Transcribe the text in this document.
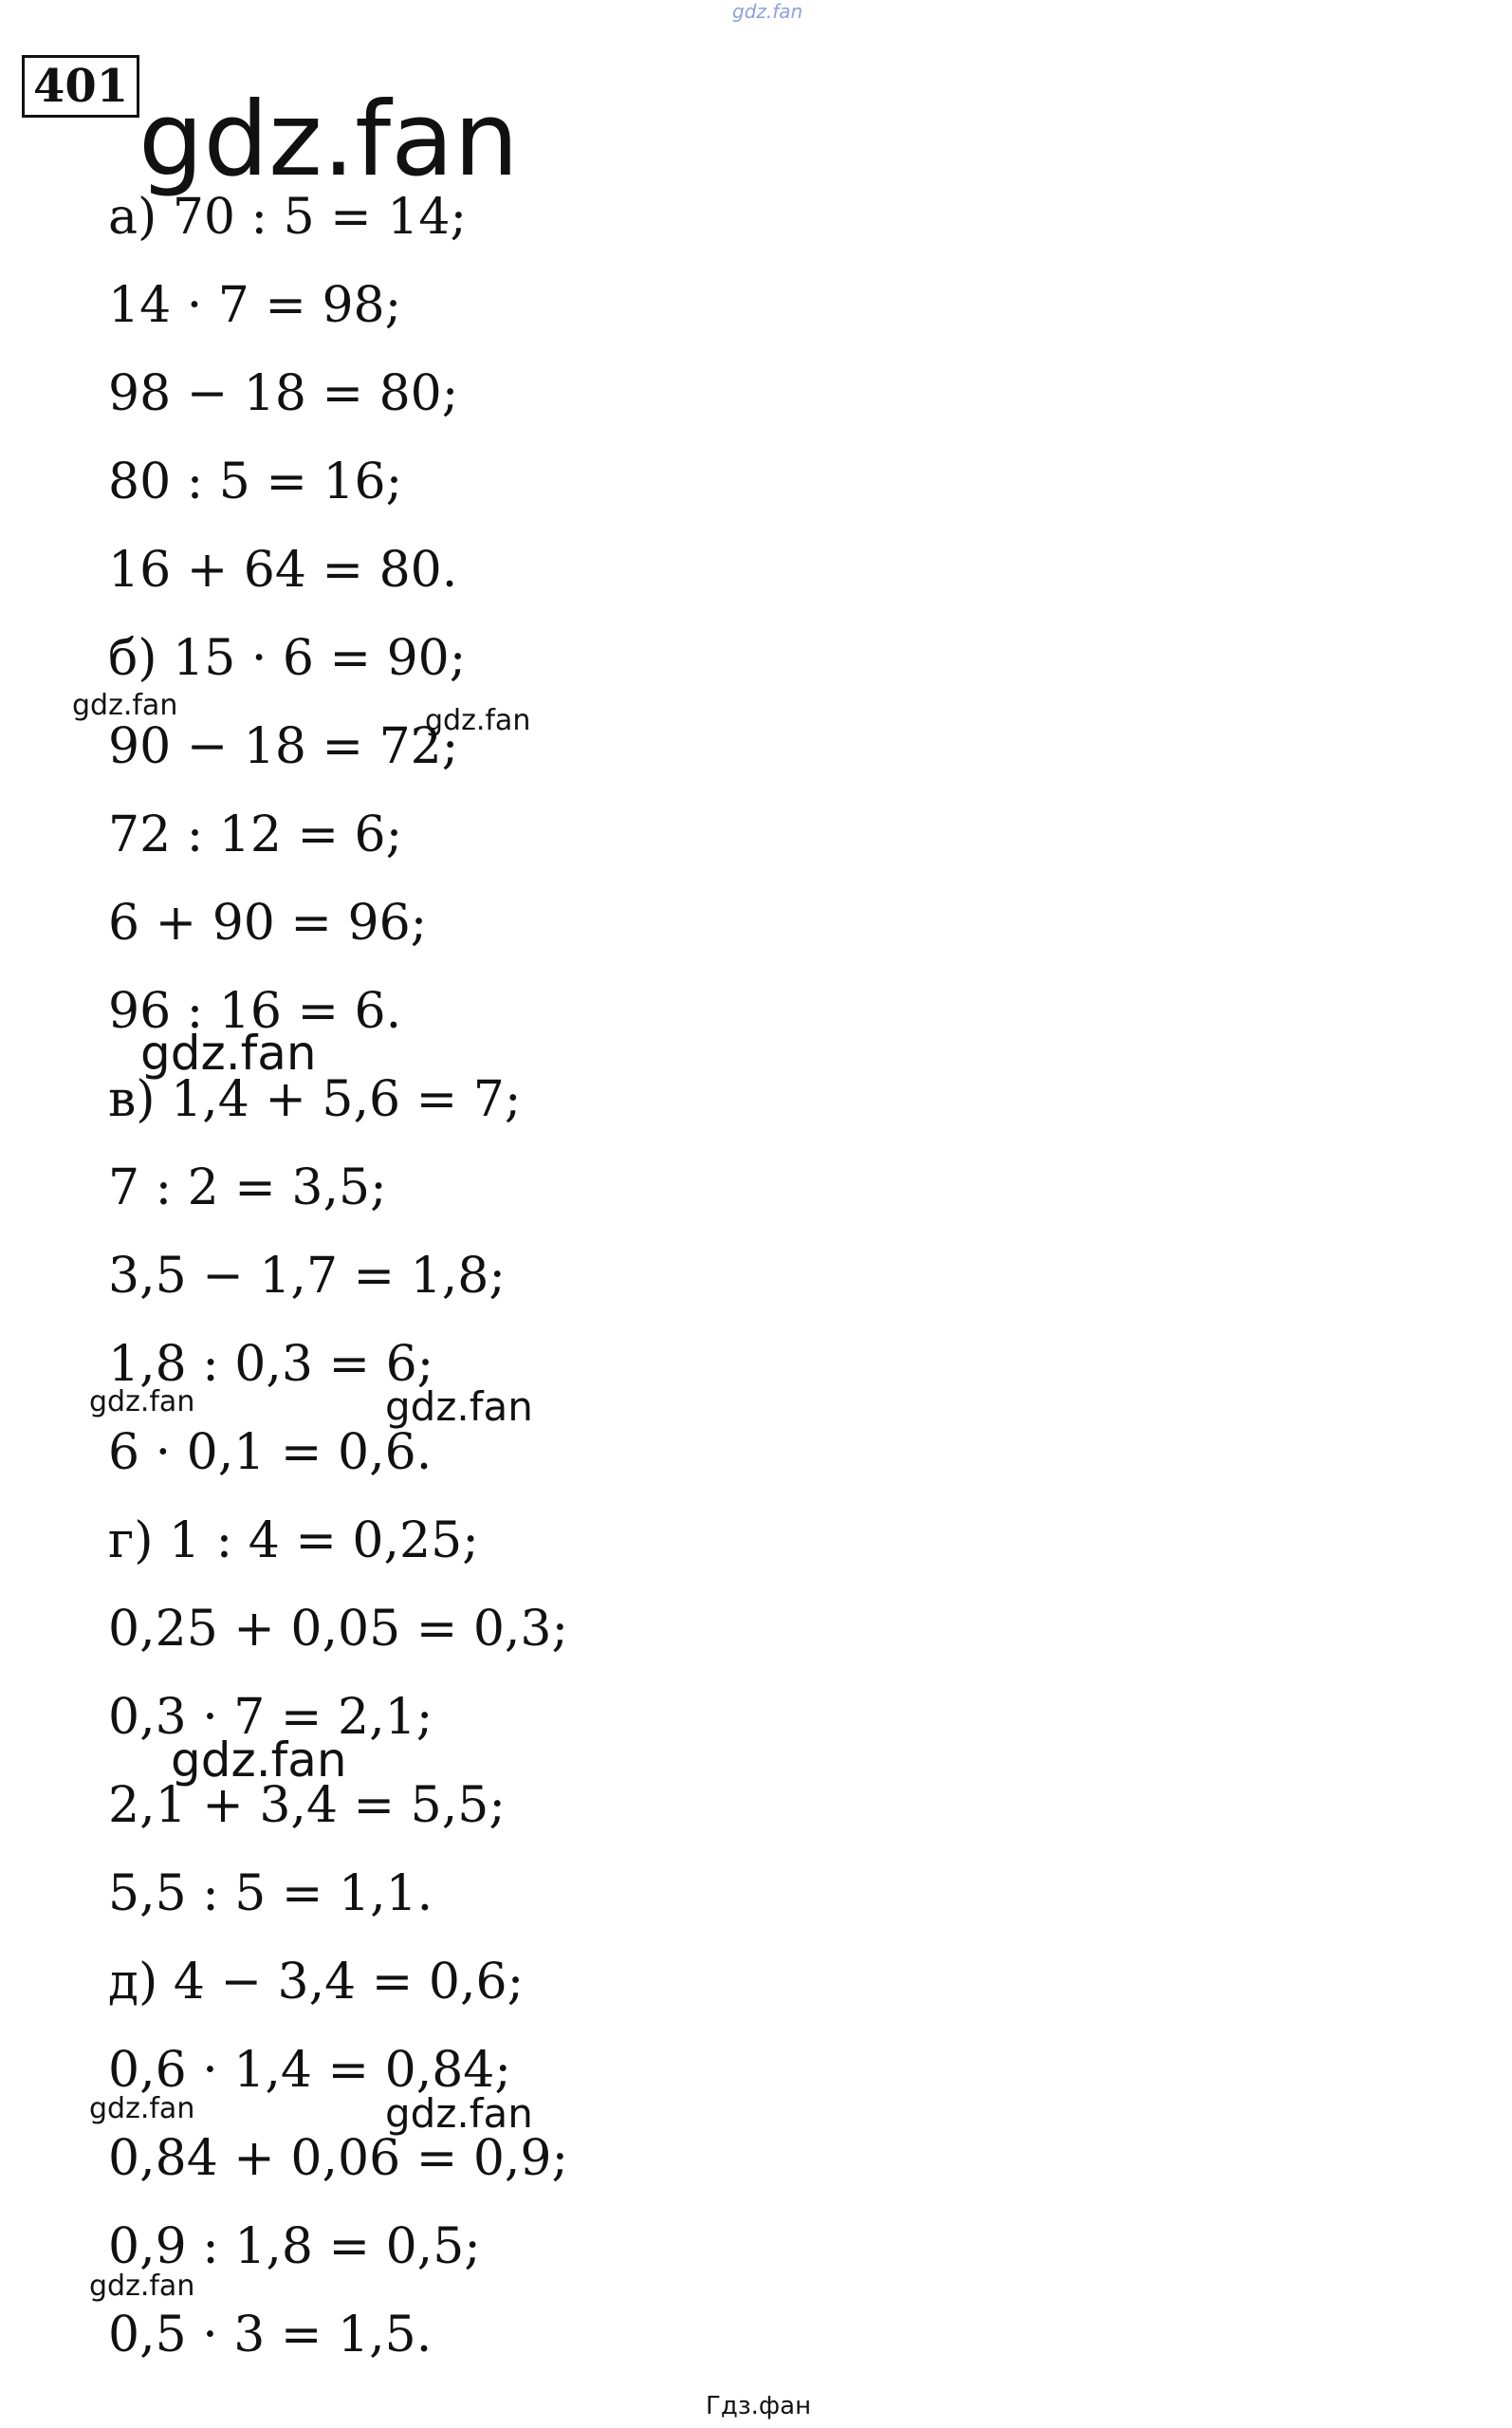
gdz.fan
401 gdz.fan
а) 70 : 5 = 14;
14 · 7 = 98;
98 − 18 = 80;
80 : 5 = 16;
16 + 64 = 80.
б) 15 · 6 = 90;
90 − 18 = 72;
72 : 12 = 6;
6 + 90 = 96;
96 : 16 = 6.
в) 1,4 + 5,6 = 7;
7 : 2 = 3,5;
3,5 − 1,7 = 1,8;
1,8 : 0,3 = 6;
6 · 0,1 = 0,6.
г) 1 : 4 = 0,25;
0,25 + 0,05 = 0,3;
0,3 · 7 = 2,1;
2,1 + 3,4 = 5,5;
5,5 : 5 = 1,1.
д) 4 − 3,4 = 0,6;
0,6 · 1,4 = 0,84;
0,84 + 0,06 = 0,9;
0,9 : 1,8 = 0,5;
0,5 · 3 = 1,5.
gdz.fan	gdz.fan
gdz.fan
gdz.fan	gdz.fan
gdz.fan
gdz.fan	gdz.fan
gdz.fan
Гдз.фан
